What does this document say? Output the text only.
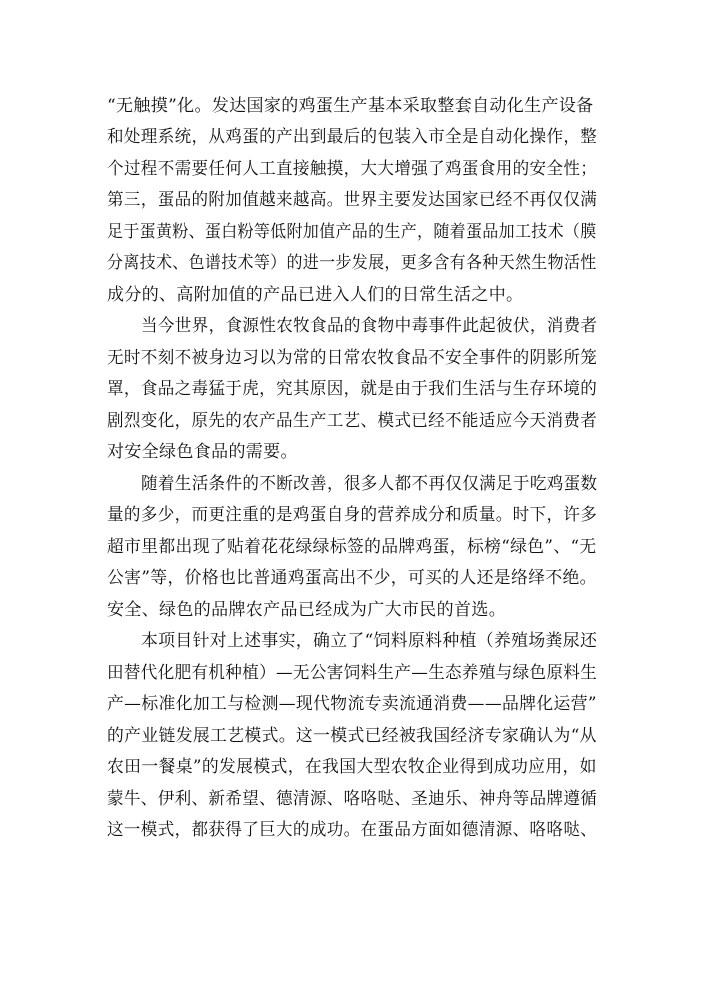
“无触摸”化。发达国家的鸡蛋生产基本采取整套自动化生产设备
和处理系统，从鸡蛋的产出到最后的包装入市全是自动化操作，整
个过程不需要任何人工直接触摸，大大增强了鸡蛋食用的安全性；
第三，蛋品的附加值越来越高。世界主要发达国家已经不再仅仅满
足于蛋黄粉、蛋白粉等低附加值产品的生产，随着蛋品加工技术（膜
分离技术、色谱技术等）的进一步发展，更多含有各种天然生物活性
成分的、高附加值的产品已进入人们的日常生活之中。
当今世界，食源性农牧食品的食物中毒事件此起彼伏，消费者
无时不刻不被身边习以为常的日常农牧食品不安全事件的阴影所笼
罩，食品之毒猛于虎，究其原因，就是由于我们生活与生存环境的
剧烈变化，原先的农产品生产工艺、模式已经不能适应今天消费者
对安全绿色食品的需要。
随着生活条件的不断改善，很多人都不再仅仅满足于吃鸡蛋数
量的多少，而更注重的是鸡蛋自身的营养成分和质量。时下，许多
超市里都出现了贴着花花绿绿标签的品牌鸡蛋，标榜“绿色”、“无
公害”等，价格也比普通鸡蛋高出不少，可买的人还是络绎不绝。
安全、绿色的品牌农产品已经成为广大市民的首选。
本项目针对上述事实，确立了“饲料原料种植（养殖场粪尿还
田替代化肥有机种植）—无公害饲料生产—生态养殖与绿色原料生
产—标准化加工与检测—现代物流专卖流通消费——品牌化运营”
的产业链发展工艺模式。这一模式已经被我国经济专家确认为“从
农田一餐桌”的发展模式，在我国大型农牧企业得到成功应用，如
蒙牛、伊利、新希望、德清源、咯咯哒、圣迪乐、神舟等品牌遵循
这一模式，都获得了巨大的成功。在蛋品方面如德清源、咯咯哒、
